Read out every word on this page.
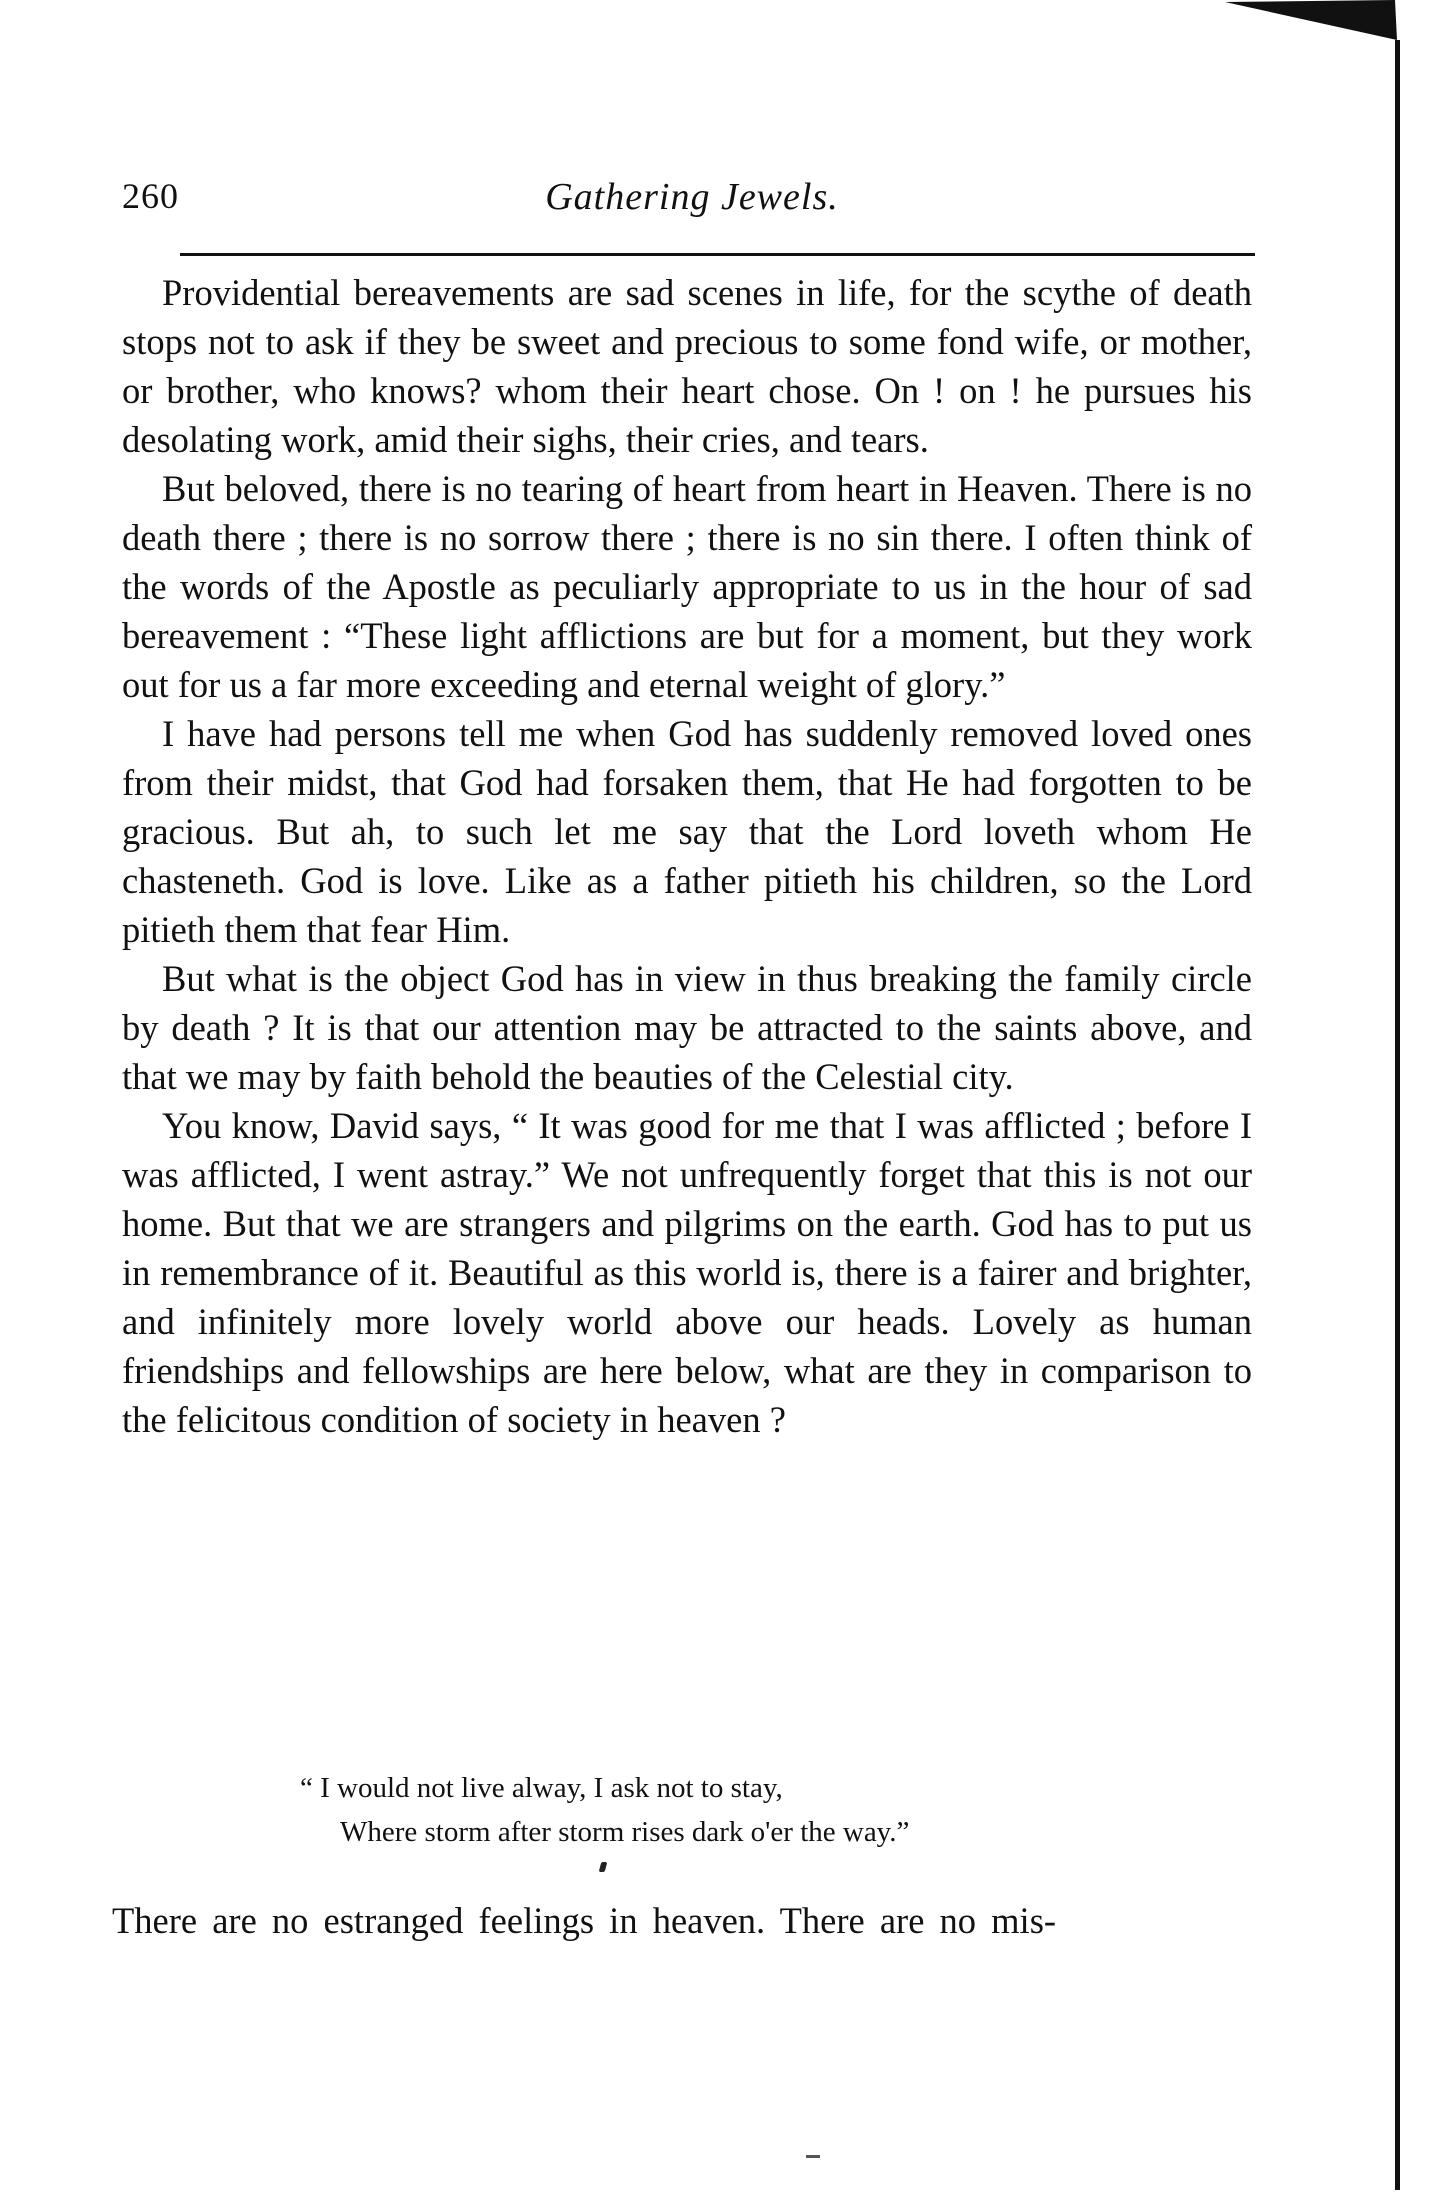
260	Gathering Jewels.

Providential bereavements are sad scenes in life, for the scythe of death stops not to ask if they be sweet and precious to some fond wife, or mother, or brother, who knows? whom their heart chose. On ! on ! he pursues his desolating work, amid their sighs, their cries, and tears.

But beloved, there is no tearing of heart from heart in Heaven. There is no death there ; there is no sorrow there ; there is no sin there. I often think of the words of the Apostle as peculiarly appropriate to us in the hour of sad bereavement : “These light afflictions are but for a moment, but they work out for us a far more exceeding and eternal weight of glory.”

I have had persons tell me when God has suddenly removed loved ones from their midst, that God had forsaken them, that He had forgotten to be gracious. But ah, to such let me say that the Lord loveth whom He chasteneth. God is love. Like as a father pitieth his children, so the Lord pitieth them that fear Him.

But what is the object God has in view in thus breaking the family circle by death ? It is that our attention may be attracted to the saints above, and that we may by faith behold the beauties of the Celestial city.

You know, David says, “ It was good for me that I was afflicted ; before I was afflicted, I went astray.” We not unfrequently forget that this is not our home. But that we are strangers and pilgrims on the earth. God has to put us in remembrance of it. Beautiful as this world is, there is a fairer and brighter, and infinitely more lovely world above our heads. Lovely as human friendships and fellowships are here below, what are they in comparison to the felicitous condition of society in heaven ?

“ I would not live alway, I ask not to stay,
Where storm after storm rises dark o'er the way.”
There are no estranged feelings in heaven. There are no mis-
